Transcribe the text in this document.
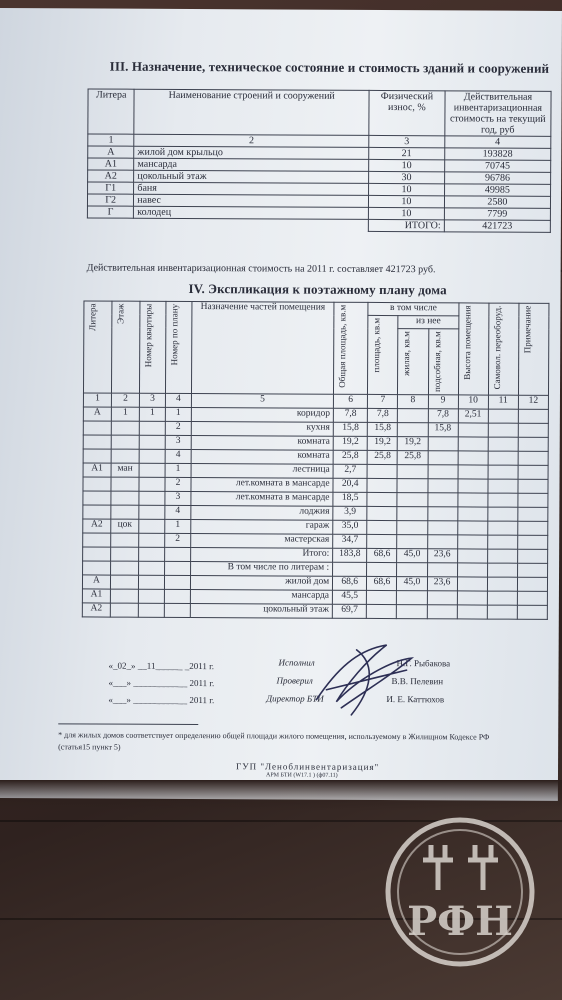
III. Назначение, техническое состояние и стоимость зданий и сооружений
Литера	Наименование строений и сооружений	Физический износ, %	Действительная инвентаризационная стоимость на текущий год, руб
1	2	3	4
А	жилой дом крыльцо	21	193828
А1	мансарда	10	70745
А2	цокольный этаж	30	96786
Г1	баня	10	49985
Г2	навес	10	2580
Г	колодец	10	7799
		ИТОГО:	421723
Действительная инвентаризационная стоимость на 2011 г. составляет 421723 руб.
IV. Экспликация к поэтажному плану дома
Литера	Этаж	Номер квартиры	Номер по плану	Назначение частей помещения	Общая площадь, кв.м	в том числе			Высота помещения	Самовол. переоборуд.	Примечание

						площадь, кв.м	из нее				

							жилая, кв.м	подсобная, кв.м			

1	2	3	4	5	6	7	8	9	10	11	12
А	1	1	1	коридор	7,8	7,8		7,8	2,51		
			2	кухня	15,8	15,8		15,8			
			3	комната	19,2	19,2	19,2				
			4	комната	25,8	25,8	25,8				
А1	ман		1	лестница	2,7						
			2	лет.комната в мансарде	20,4						
			3	лет.комната в мансарде	18,5						
			4	лоджия	3,9						
А2	цок		1	гараж	35,0						
			2	мастерская	34,7						
				Итого:	183,8	68,6	45,0	23,6			
				В том числе по литерам :							
А				жилой дом	68,6	68,6	45,0	23,6			
А1				мансарда	45,5						
А2				цокольный этаж	69,7						
«_02_» __11______ _2011 г.
«___» ____________ 2011 г.
«___» ____________ 2011 г.
Исполнил
Проверил
Директор БТИ
Н.Г. Рыбакова
В.В. Пелевин
И. Е. Каттюхов
* для жилых домов соответствует определению общей площади жилого помещения, используемому в Жилищном Кодексе РФ
(статья15 пункт 5)
ГУП "Леноблинвентаризация"
АРМ БТИ (W17.1 ) (ф07.11)
РФН
